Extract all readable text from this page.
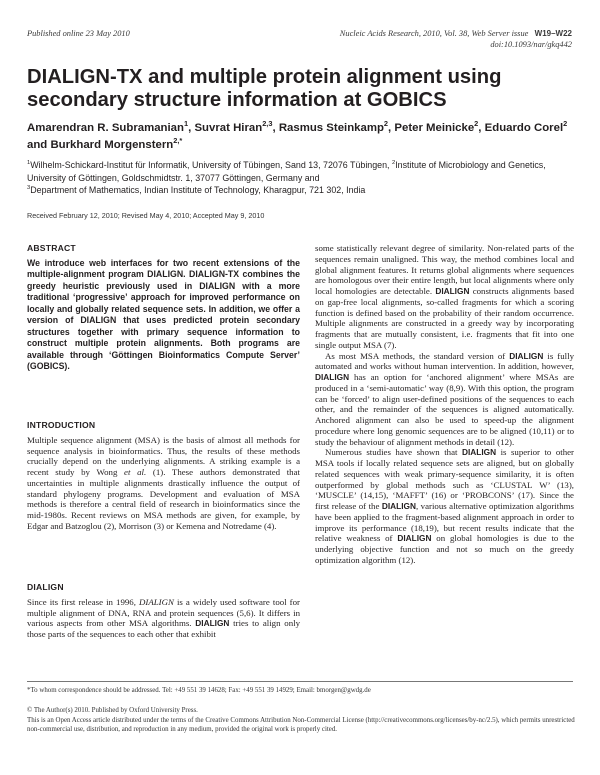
Published online 23 May 2010	Nucleic Acids Research, 2010, Vol. 38, Web Server issue W19–W22
doi:10.1093/nar/gkq442
DIALIGN-TX and multiple protein alignment using secondary structure information at GOBICS
Amarendran R. Subramanian$^1$, Suvrat Hiran$^{2,3}$, Rasmus Steinkamp$^2$, Peter Meinicke$^2$, Eduardo Corel$^2$ and Burkhard Morgenstern$^{2,*}$
$^1$Wilhelm-Schickard-Institut für Informatik, University of Tübingen, Sand 13, 72076 Tübingen, $^2$Institute of Microbiology and Genetics, University of Göttingen, Goldschmidtstr. 1, 37077 Göttingen, Germany and
$^3$Department of Mathematics, Indian Institute of Technology, Kharagpur, 721 302, India
Received February 12, 2010; Revised May 4, 2010; Accepted May 9, 2010
ABSTRACT
We introduce web interfaces for two recent extensions of the multiple-alignment program DIALIGN. DIALIGN-TX combines the greedy heuristic previously used in DIALIGN with a more traditional ‘progressive’ approach for improved performance on locally and globally related sequence sets. In addition, we offer a version of DIALIGN that uses predicted protein secondary structures together with primary sequence information to construct multiple protein alignments. Both programs are available through ‘Göttingen Bioinformatics Compute Server’ (GOBICS).
INTRODUCTION

Multiple sequence alignment (MSA) is the basis of almost all methods for sequence analysis in bioinformatics. Thus, the results of these methods crucially depend on the underlying alignments. A striking example is a recent study by Wong et al. (1). These authors demonstrated that uncertainties in multiple alignments drastically influence the output of standard phylogeny programs. Development and evaluation of MSA methods is therefore a central field of research in bioinformatics since the mid-1980s. Recent reviews on MSA methods are given, for example, by Edgar and Batzoglou (2), Morrison (3) or Kemena and Notredame (4).

DIALIGN

Since its first release in 1996, DIALIGN is a widely used software tool for multiple alignment of DNA, RNA and protein sequences (5,6). It differs in various aspects from other MSA algorithms. DIALIGN tries to align only those parts of the sequences to each other that exhibit

some statistically relevant degree of similarity. Non-related parts of the sequences remain unaligned. This way, the method combines local and global alignment features. It returns global alignments where sequences are homologous over their entire length, but local alignments where only local homologies are detectable. DIALIGN constructs alignments based on gap-free local alignments, so-called fragments for which a scoring function is defined based on the probability of their random occurrence. Multiple alignments are constructed in a greedy way by incorporating fragments that are mutually consistent, i.e. fragments that fit into one single output MSA (7).

As most MSA methods, the standard version of DIALIGN is fully automated and works without human intervention. In addition, however, DIALIGN has an option for ‘anchored alignment’ where MSAs are produced in a ‘semi-automatic’ way (8,9). With this option, the program can be ‘forced’ to align user-defined positions of the sequences to each other, and the remainder of the sequences is aligned automatically. Anchored alignment can also be used to speed-up the alignment procedure where long genomic sequences are to be aligned (10,11) or to study the behaviour of alignment methods in detail (12).

Numerous studies have shown that DIALIGN is superior to other MSA tools if locally related sequence sets are aligned, but on globally related sequences with weak primary-sequence similarity, it is often outperformed by global methods such as ‘CLUSTAL W’ (13), ‘MUSCLE’ (14,15), ‘MAFFT’ (16) or ‘PROBCONS’ (17). Since the first release of the DIALIGN, various alternative optimization algorithms have been applied to the fragment-based alignment approach in order to improve its performance (18,19), but recent results indicate that the relative weakness of DIALIGN on global homologies is due to the underlying objective function and not so much on the greedy optimization algorithm (12).

*To whom correspondence should be addressed. Tel: +49 551 39 14628; Fax: +49 551 39 14929; Email: bmorgen@gwdg.de
© The Author(s) 2010. Published by Oxford University Press.
This is an Open Access article distributed under the terms of the Creative Commons Attribution Non-Commercial License (http://creativecommons.org/licenses/by-nc/2.5), which permits unrestricted non-commercial use, distribution, and reproduction in any medium, provided the original work is properly cited.
